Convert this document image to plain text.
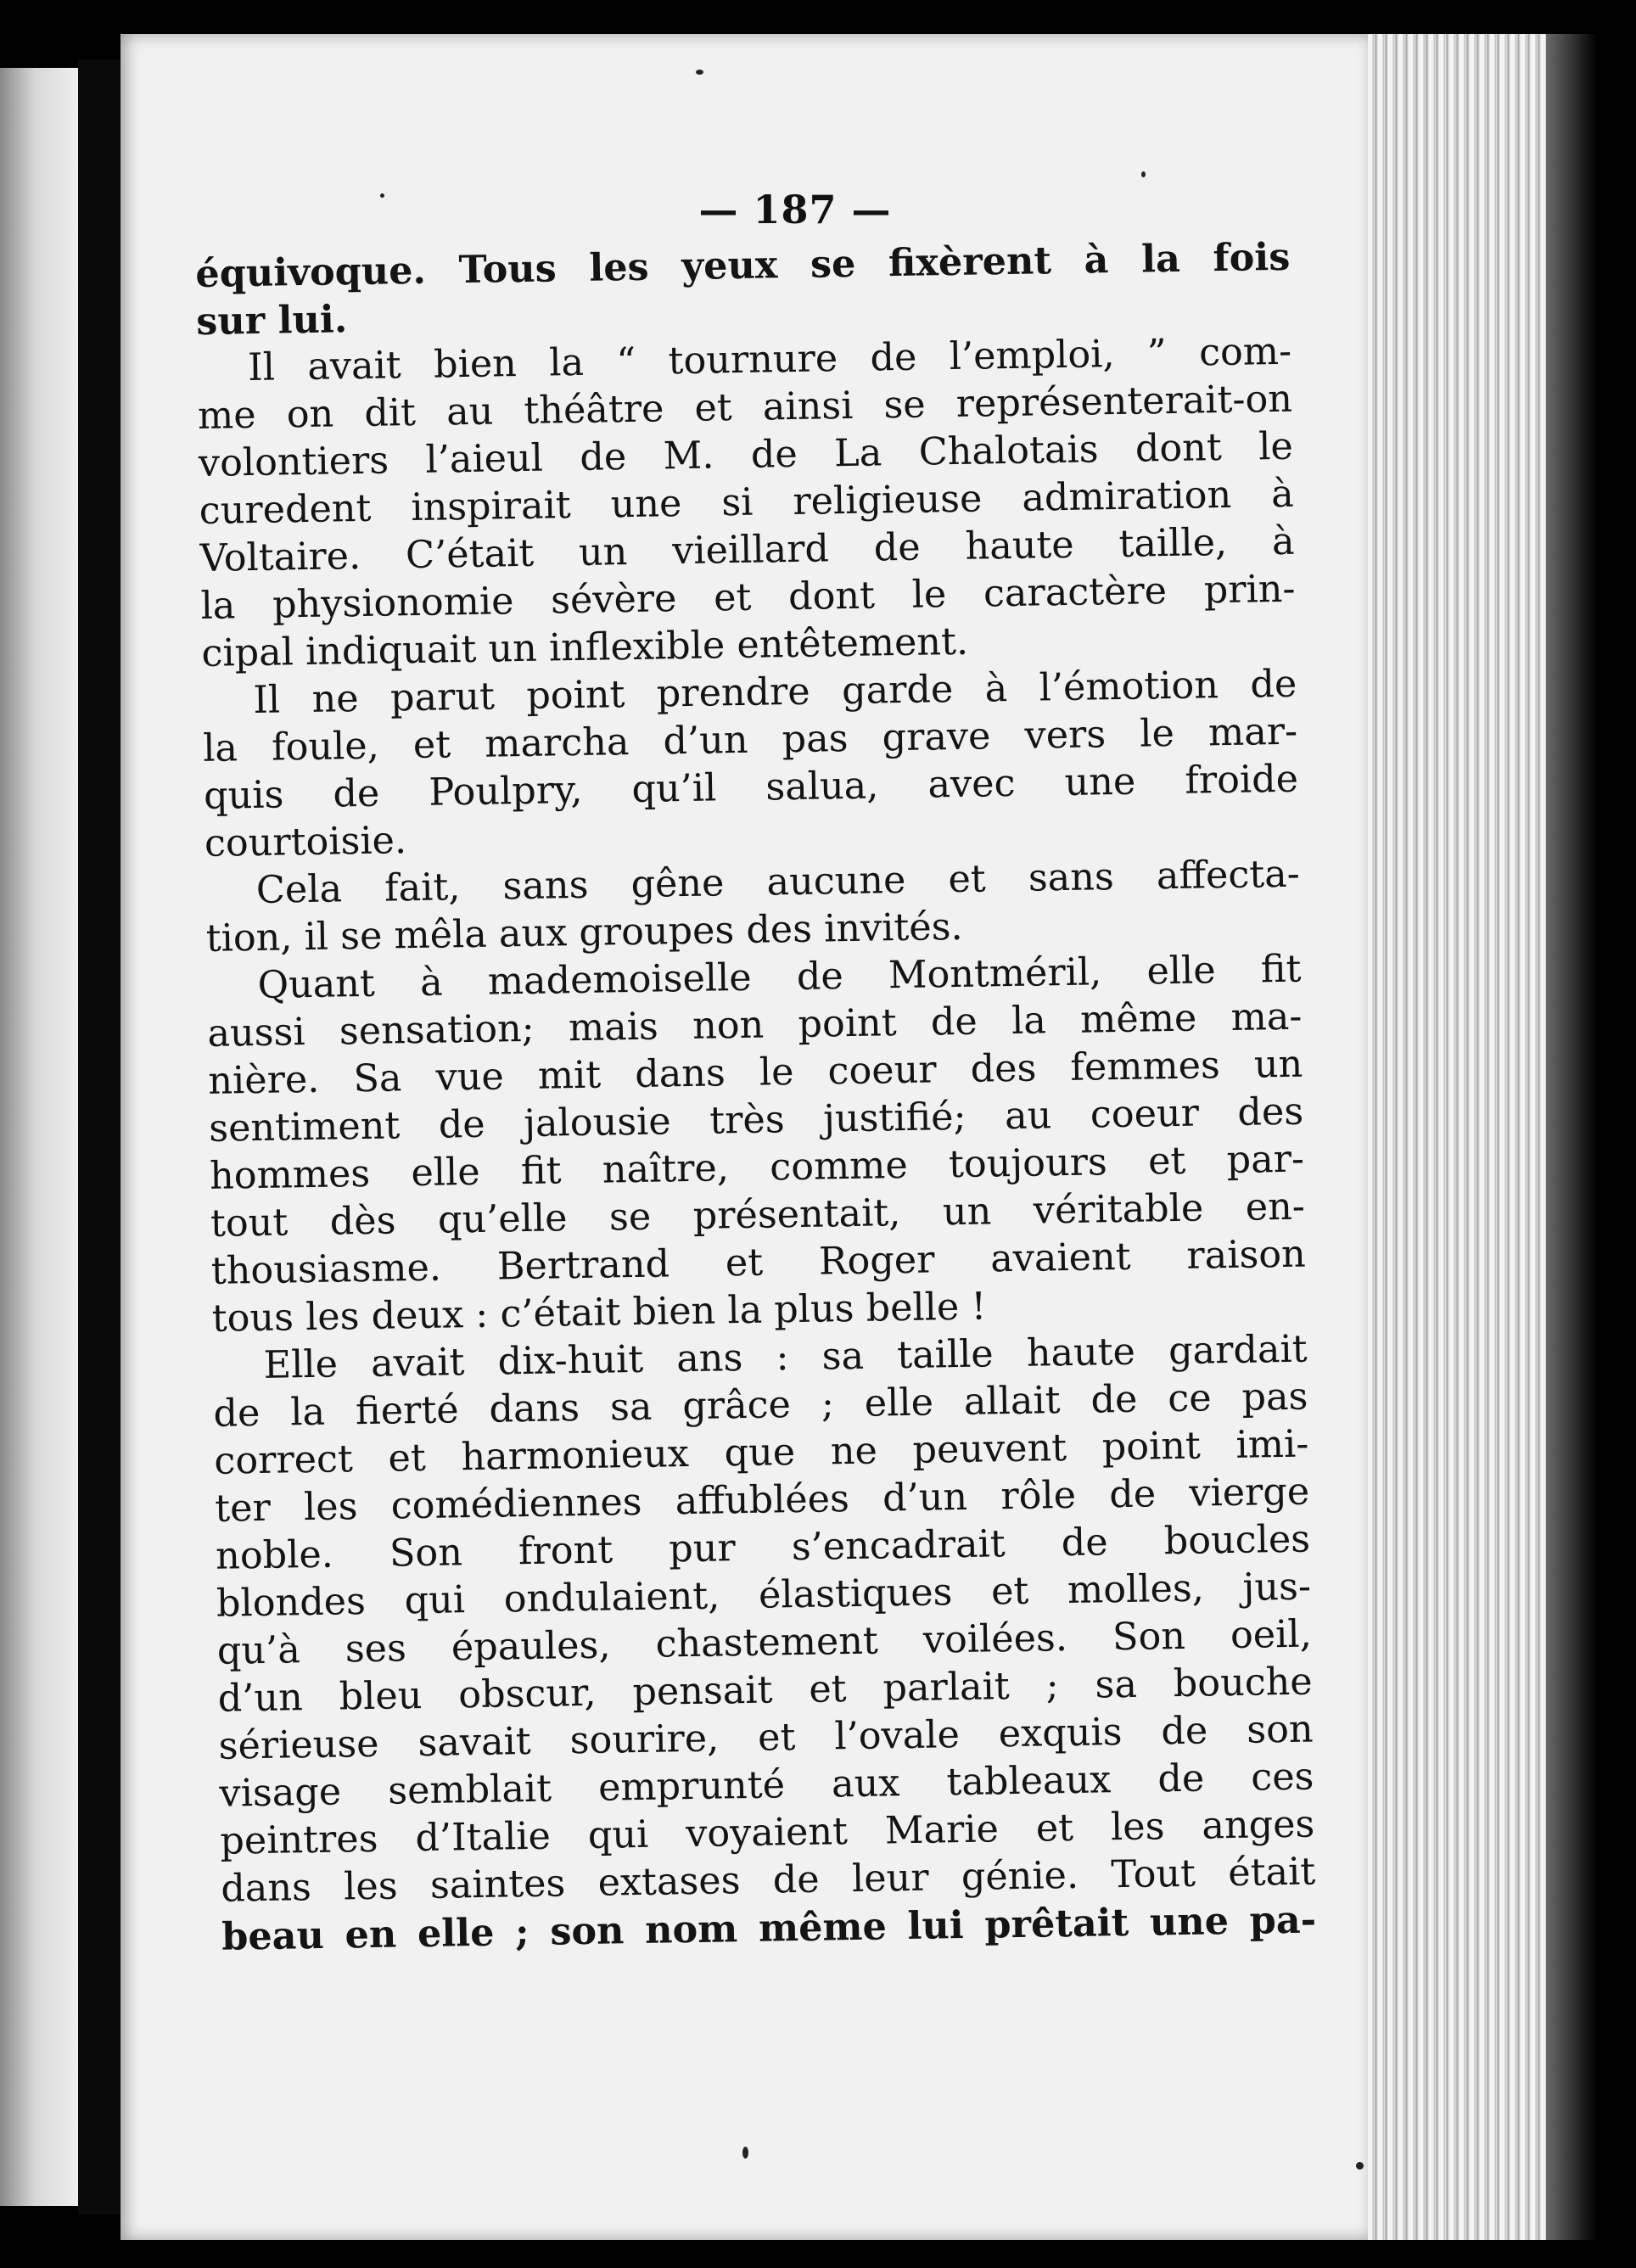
— 187 —
équivoque. Tous les yeux se fixèrent à la fois
sur lui.
Il avait bien la “ tournure de l’emploi, ” com-
me on dit au théâtre et ainsi se représenterait-on
volontiers l’aieul de M. de La Chalotais dont le
curedent inspirait une si religieuse admiration à
Voltaire. C’était un vieillard de haute taille, à
la physionomie sévère et dont le caractère prin-
cipal indiquait un inflexible entêtement.
Il ne parut point prendre garde à l’émotion de
la foule, et marcha d’un pas grave vers le mar-
quis de Poulpry, qu’il salua, avec une froide
courtoisie.
Cela fait, sans gêne aucune et sans affecta-
tion, il se mêla aux groupes des invités.
Quant à mademoiselle de Montméril, elle fit
aussi sensation; mais non point de la même ma-
nière. Sa vue mit dans le coeur des femmes un
sentiment de jalousie très justifié; au coeur des
hommes elle fit naître, comme toujours et par-
tout dès qu’elle se présentait, un véritable en-
thousiasme. Bertrand et Roger avaient raison
tous les deux : c’était bien la plus belle !
Elle avait dix-huit ans : sa taille haute gardait
de la fierté dans sa grâce ; elle allait de ce pas
correct et harmonieux que ne peuvent point imi-
ter les comédiennes affublées d’un rôle de vierge
noble. Son front pur s’encadrait de boucles
blondes qui ondulaient, élastiques et molles, jus-
qu’à ses épaules, chastement voilées. Son oeil,
d’un bleu obscur, pensait et parlait ; sa bouche
sérieuse savait sourire, et l’ovale exquis de son
visage semblait emprunté aux tableaux de ces
peintres d’Italie qui voyaient Marie et les anges
dans les saintes extases de leur génie. Tout était
beau en elle ; son nom même lui prêtait une pa-
